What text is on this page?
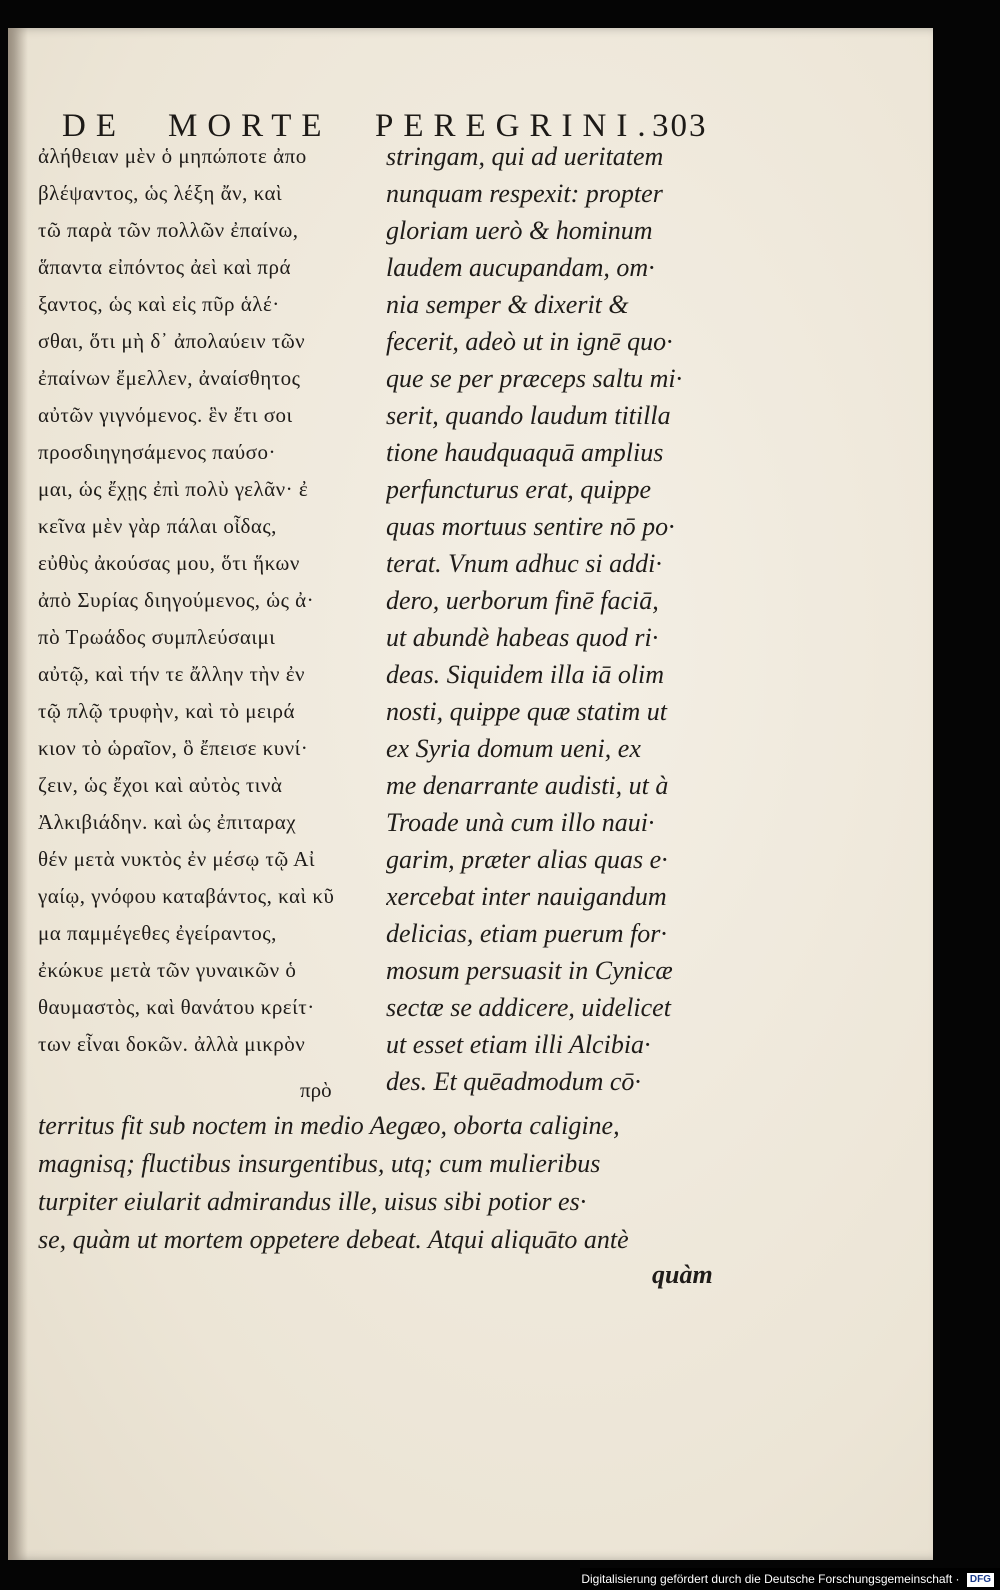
DE MORTE PEREGRINI.
303
ἀλήθειαν μὲν ὁ μηπώποτε ἀπο
βλέψαντος, ὡς λέξη ἄν, καὶ
τῶ παρὰ τῶν πολλῶν ἐπαίνω,
ἅπαντα εἰπόντος ἀεὶ καὶ πρά
ξαντος, ὡς καὶ εἰς πῦρ ἁλέ·
σθαι, ὅτι μὴ δ᾽ ἀπολαύειν τῶν
ἐπαίνων ἔμελλεν, ἀναίσθητος
αὐτῶν γιγνόμενος. ἓν ἔτι σοι
προσδιηγησάμενος παύσο·
μαι, ὡς ἔχῃς ἐπὶ πολὺ γελᾶν· ἐ
κεῖνα μὲν γὰρ πάλαι οἶδας,
εὐθὺς ἀκούσας μου, ὅτι ἥκων
ἀπὸ Συρίας διηγούμενος, ὡς ἀ·
πὸ Τρωάδος συμπλεύσαιμι
αὐτῷ, καὶ τήν τε ἄλλην τὴν ἐν
τῷ πλῷ τρυφὴν, καὶ τὸ μειρά
κιον τὸ ὡραῖον, ὃ ἔπεισε κυνί·
ζειν, ὡς ἔχοι καὶ αὐτὸς τινὰ
Ἀλκιβιάδην. καὶ ὡς ἐπιταραχ
θέν μετὰ νυκτὸς ἐν μέσῳ τῷ Αἰ
γαίῳ, γνόφου καταβάντος, καὶ κῦ
μα παμμέγεθες ἐγείραντος,
ἐκώκυε μετὰ τῶν γυναικῶν ὁ
θαυμαστὸς, καὶ θανάτου κρείτ·
των εἶναι δοκῶν. ἀλλὰ μικρὸν
πρὸ
stringam, qui ad ueritatem
nunquam respexit: propter
gloriam uerò & hominum
laudem aucupandam, om·
nia semper & dixerit &
fecerit, adeò ut in ignē quo·
que se per præceps saltu mi·
serit, quando laudum titilla
tione haudquaquā amplius
perfuncturus erat, quippe
quas mortuus sentire nō po·
terat. Vnum adhuc si addi·
dero, uerborum finē faciā,
ut abundè habeas quod ri·
deas. Siquidem illa iā olim
nosti, quippe quæ statim ut
ex Syria domum ueni, ex
me denarrante audisti, ut à
Troade unà cum illo naui·
garim, præter alias quas e·
xercebat inter nauigandum
delicias, etiam puerum for·
mosum persuasit in Cynicæ
sectæ se addicere, uidelicet
ut esset etiam illi Alcibia·
des. Et quēadmodum cō·
territus fit sub noctem in medio Aegæo, oborta caligine,
magnisq; fluctibus insurgentibus, utq; cum mulieribus
turpiter eiularit admirandus ille, uisus sibi potior es·
se, quàm ut mortem oppetere debeat. Atqui aliquāto antè
quàm
Digitalisierung gefördert durch die Deutsche Forschungsgemeinschaft · DFG
